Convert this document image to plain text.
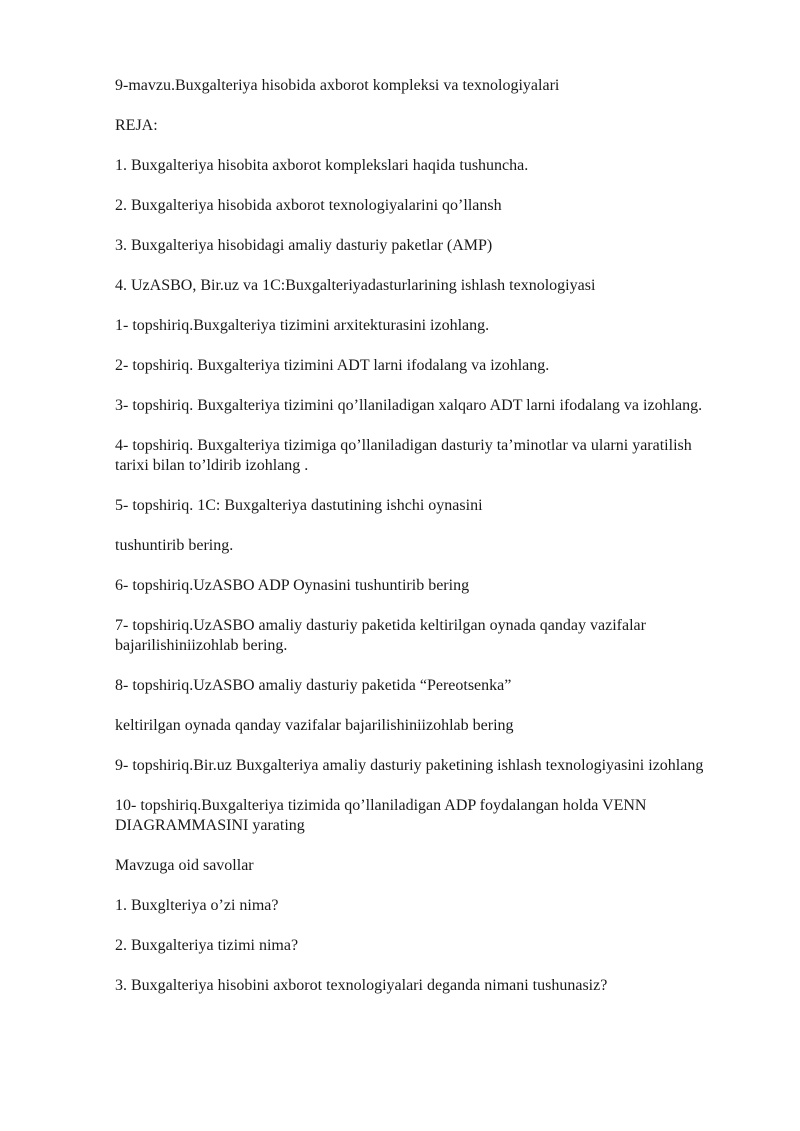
9-mavzu.Buxgalteriya hisobida axborot kompleksi va texnologiyalari

REJA:

1. Buxgalteriya hisobita axborot komplekslari haqida tushuncha.

2. Buxgalteriya hisobida axborot texnologiyalarini qo’llansh

3. Buxgalteriya hisobidagi amaliy dasturiy paketlar (AMP)

4. UzASBO, Bir.uz va 1C:Buxgalteriyadasturlarining ishlash texnologiyasi

1- topshiriq.Buxgalteriya tizimini arxitekturasini izohlang.

2- topshiriq. Buxgalteriya tizimini ADT larni ifodalang va izohlang.

3- topshiriq. Buxgalteriya tizimini qo’llaniladigan xalqaro ADT larni ifodalang va izohlang.

4- topshiriq. Buxgalteriya tizimiga qo’llaniladigan dasturiy ta’minotlar va ularni yaratilish tarixi bilan to’ldirib izohlang .

5- topshiriq. 1C: Buxgalteriya dastutining ishchi oynasini

tushuntirib bering.

6- topshiriq.UzASBO ADP Oynasini tushuntirib bering

7- topshiriq.UzASBO amaliy dasturiy paketida keltirilgan oynada qanday vazifalar bajarilishiniizohlab bering.

8- topshiriq.UzASBO amaliy dasturiy paketida “Pereotsenka”

keltirilgan oynada qanday vazifalar bajarilishiniizohlab bering

9- topshiriq.Bir.uz Buxgalteriya amaliy dasturiy paketining ishlash texnologiyasini izohlang

10- topshiriq.Buxgalteriya tizimida qo’llaniladigan ADP foydalangan holda VENN DIAGRAMMASINI yarating

Mavzuga oid savollar

1. Buxglteriya o’zi nima?

2. Buxgalteriya tizimi nima?

3. Buxgalteriya hisobini axborot texnologiyalari deganda nimani tushunasiz?
